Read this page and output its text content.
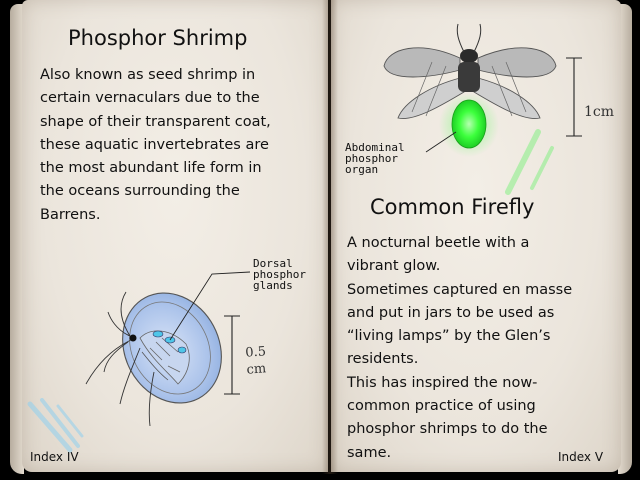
Phosphor Shrimp
Also known as seed shrimp in
certain vernaculars due to the
shape of their transparent coat,
these aquatic invertebrates are
the most abundant life form in
the oceans surrounding the
Barrens.
Dorsal
phosphor
glands
0.5
cm
Index IV
Abdominal
phosphor
organ
1cm
Common Firefly
A nocturnal beetle with a
vibrant glow.
Sometimes captured en masse
and put in jars to be used as
“living lamps” by the Glen’s
residents.
This has inspired the now-
common practice of using
phosphor shrimps to do the
same.	Index V
